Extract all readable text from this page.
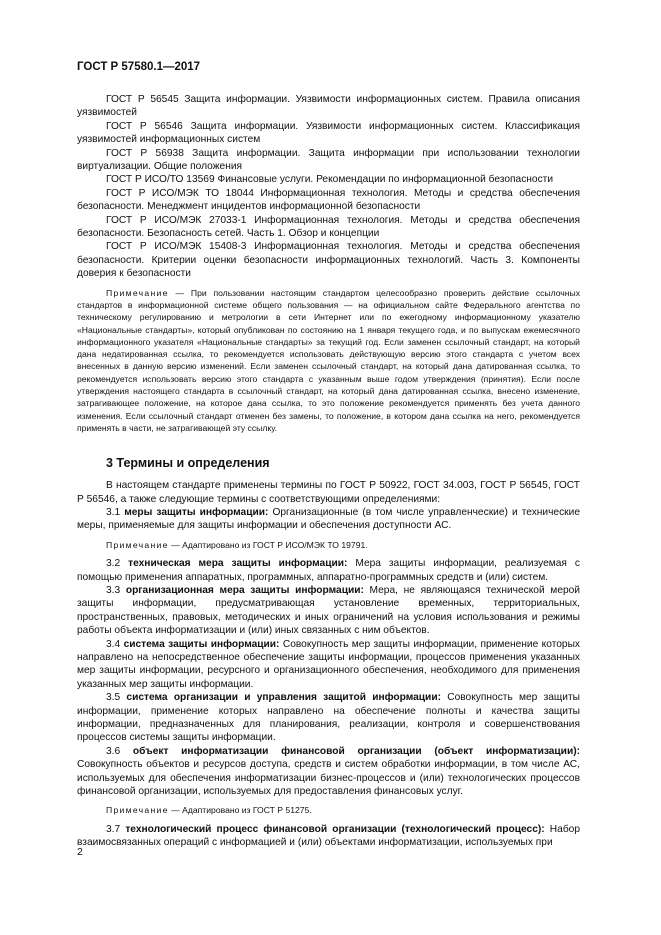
ГОСТ Р 57580.1—2017

ГОСТ Р 56545 Защита информации. Уязвимости информационных систем. Правила описания уязвимостей

ГОСТ Р 56546 Защита информации. Уязвимости информационных систем. Классификация уязвимостей информационных систем

ГОСТ Р 56938 Защита информации. Защита информации при использовании технологии виртуализации. Общие положения

ГОСТ Р ИСО/ТО 13569 Финансовые услуги. Рекомендации по информационной безопасности

ГОСТ Р ИСО/МЭК ТО 18044 Информационная технология. Методы и средства обеспечения безопасности. Менеджмент инцидентов информационной безопасности

ГОСТ Р ИСО/МЭК 27033-1 Информационная технология. Методы и средства обеспечения безопасности. Безопасность сетей. Часть 1. Обзор и концепции

ГОСТ Р ИСО/МЭК 15408-3 Информационная технология. Методы и средства обеспечения безопасности. Критерии оценки безопасности информационных технологий. Часть 3. Компоненты доверия к безопасности

Примечание — При пользовании настоящим стандартом целесообразно проверить действие ссылочных стандартов в информационной системе общего пользования — на официальном сайте Федерального агентства по техническому регулированию и метрологии в сети Интернет или по ежегодному информационному указателю «Национальные стандарты», который опубликован по состоянию на 1 января текущего года, и по выпускам ежемесячного информационного указателя «Национальные стандарты» за текущий год. Если заменен ссылочный стандарт, на который дана недатированная ссылка, то рекомендуется использовать действующую версию этого стандарта с учетом всех внесенных в данную версию изменений. Если заменен ссылочный стандарт, на который дана датированная ссылка, то рекомендуется использовать версию этого стандарта с указанным выше годом утверждения (принятия). Если после утверждения настоящего стандарта в ссылочный стандарт, на который дана датированная ссылка, внесено изменение, затрагивающее положение, на которое дана ссылка, то это положение рекомендуется применять без учета данного изменения. Если ссылочный стандарт отменен без замены, то положение, в котором дана ссылка на него, рекомендуется применять в части, не затрагивающей эту ссылку.

3 Термины и определения

В настоящем стандарте применены термины по ГОСТ Р 50922, ГОСТ 34.003, ГОСТ Р 56545, ГОСТ Р 56546, а также следующие термины с соответствующими определениями:

3.1 меры защиты информации: Организационные (в том числе управленческие) и технические меры, применяемые для защиты информации и обеспечения доступности АС.

Примечание — Адаптировано из ГОСТ Р ИСО/МЭК ТО 19791.

3.2 техническая мера защиты информации: Мера защиты информации, реализуемая с помощью применения аппаратных, программных, аппаратно-программных средств и (или) систем.

3.3 организационная мера защиты информации: Мера, не являющаяся технической мерой защиты информации, предусматривающая установление временных, территориальных, пространственных, правовых, методических и иных ограничений на условия использования и режимы работы объекта информатизации и (или) иных связанных с ним объектов.

3.4 система защиты информации: Совокупность мер защиты информации, применение которых направлено на непосредственное обеспечение защиты информации, процессов применения указанных мер защиты информации, ресурсного и организационного обеспечения, необходимого для применения указанных мер защиты информации.

3.5 система организации и управления защитой информации: Совокупность мер защиты информации, применение которых направлено на обеспечение полноты и качества защиты информации, предназначенных для планирования, реализации, контроля и совершенствования процессов системы защиты информации.

3.6 объект информатизации финансовой организации (объект информатизации): Совокупность объектов и ресурсов доступа, средств и систем обработки информации, в том числе АС, используемых для обеспечения информатизации бизнес-процессов и (или) технологических процессов финансовой организации, используемых для предоставления финансовых услуг.

Примечание — Адаптировано из ГОСТ Р 51275.

3.7 технологический процесс финансовой организации (технологический процесс): Набор взаимосвязанных операций с информацией и (или) объектами информатизации, используемых при

2
